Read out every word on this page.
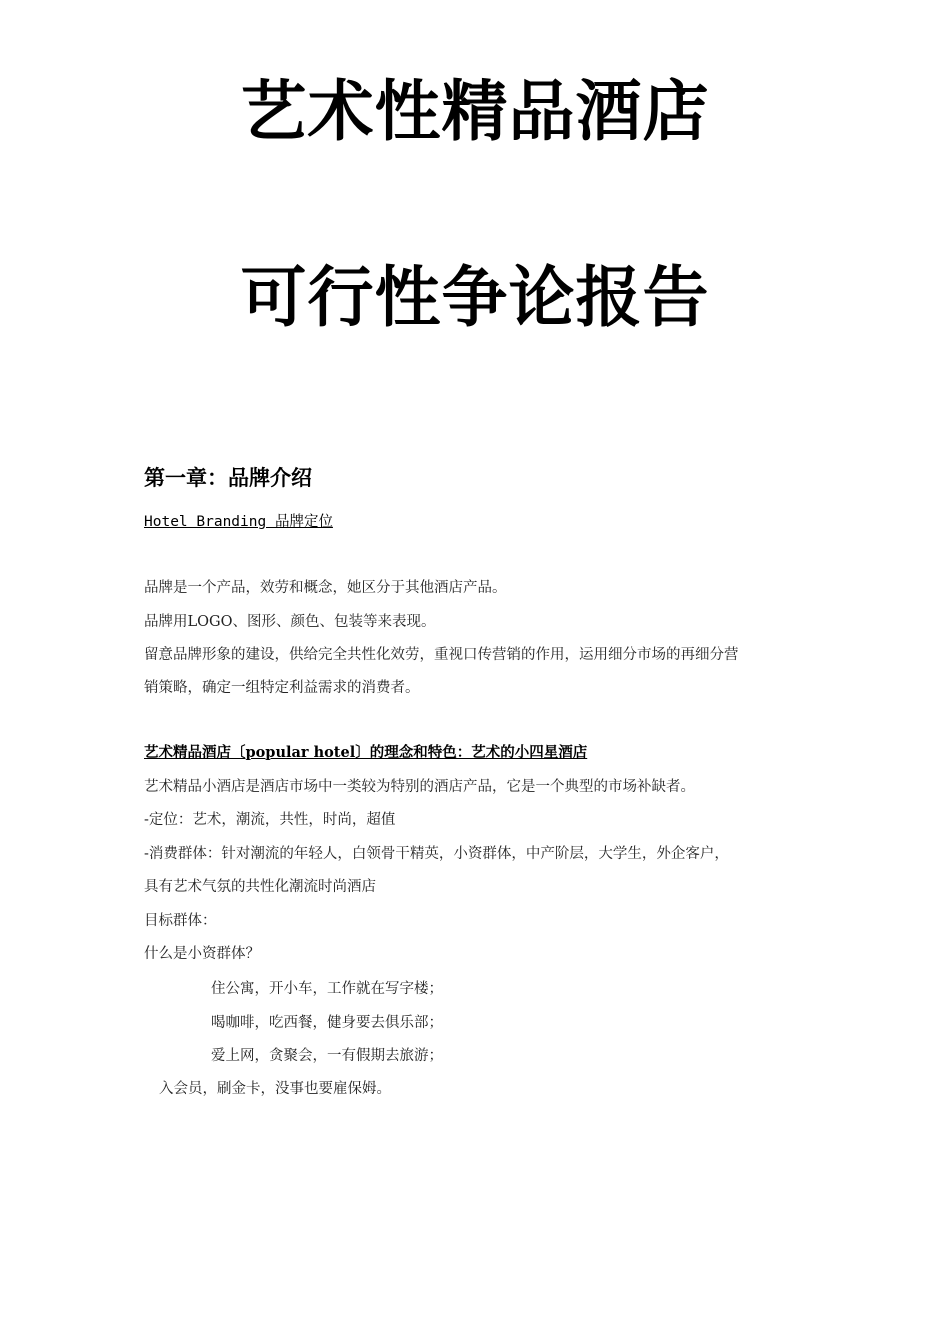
艺术性精品酒店
可行性争论报告
第一章：品牌介绍

Hotel Branding 品牌定位

品牌是一个产品，效劳和概念，她区分于其他酒店产品。

品牌用LOGO、图形、颜色、包装等来表现。

留意品牌形象的建设，供给完全共性化效劳，重视口传营销的作用，运用细分市场的再细分营

销策略，确定一组特定利益需求的消费者。

艺术精品酒店〔popular hotel〕的理念和特色：艺术的小四星酒店

艺术精品小酒店是酒店市场中一类较为特别的酒店产品，它是一个典型的市场补缺者。

-定位：艺术，潮流，共性，时尚，超值

-消费群体：针对潮流的年轻人，白领骨干精英，小资群体，中产阶层，大学生，外企客户，

具有艺术气氛的共性化潮流时尚酒店

目标群体：

什么是小资群体？

住公寓，开小车，工作就在写字楼；

喝咖啡，吃西餐，健身要去俱乐部；

爱上网，贪聚会，一有假期去旅游；

入会员，刷金卡，没事也要雇保姆。
